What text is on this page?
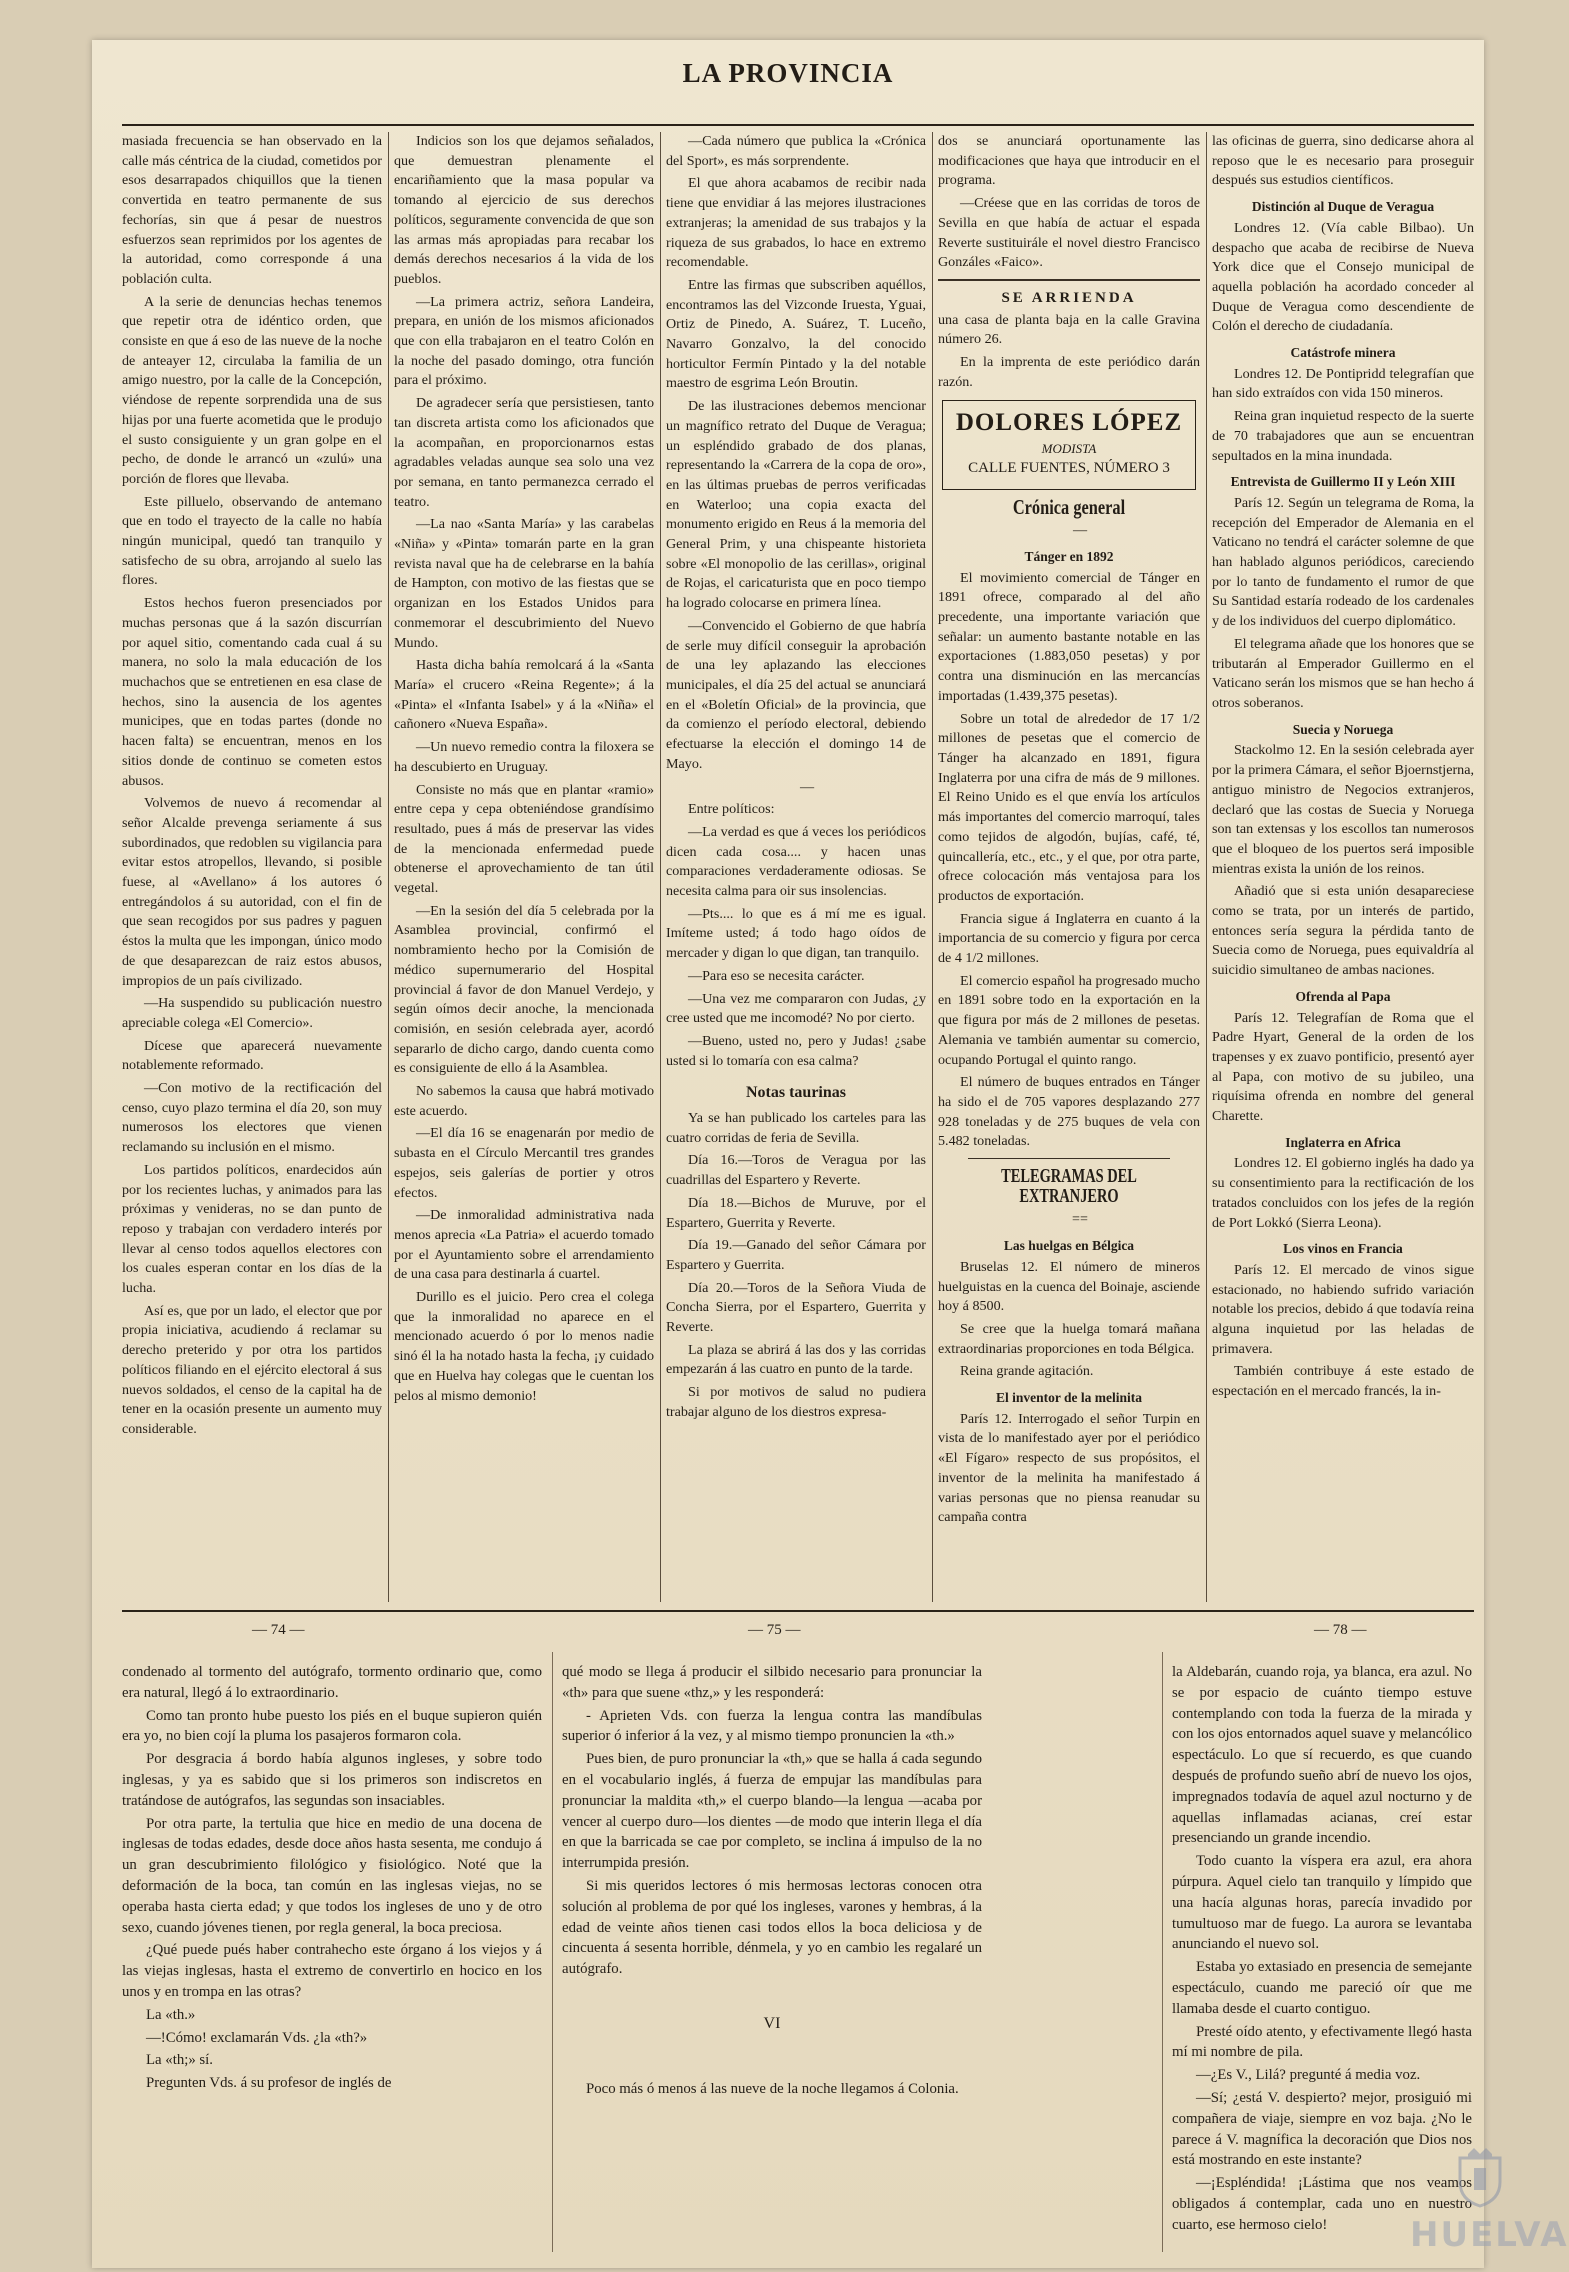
LA PROVINCIA

masiada frecuencia se han observado en la calle más céntrica de la ciudad, cometidos por esos desarrapados chiquillos que la tienen convertida en teatro permanente de sus fechorías, sin que á pesar de nuestros esfuerzos sean reprimidos por los agentes de la autoridad, como corresponde á una población culta.

A la serie de denuncias hechas tenemos que repetir otra de idéntico orden, que consiste en que á eso de las nueve de la noche de anteayer 12, circulaba la familia de un amigo nuestro, por la calle de la Concepción, viéndose de repente sorprendida una de sus hijas por una fuerte acometida que le produjo el susto consiguiente y un gran golpe en el pecho, de donde le arrancó un «zulú» una porción de flores que llevaba.

Este pilluelo, observando de antemano que en todo el trayecto de la calle no había ningún municipal, quedó tan tranquilo y satisfecho de su obra, arrojando al suelo las flores.

Estos hechos fueron presenciados por muchas personas que á la sazón discurrían por aquel sitio, comentando cada cual á su manera, no solo la mala educación de los muchachos que se entretienen en esa clase de hechos, sino la ausencia de los agentes municipes, que en todas partes (donde no hacen falta) se encuentran, menos en los sitios donde de continuo se cometen estos abusos.

Volvemos de nuevo á recomendar al señor Alcalde prevenga seriamente á sus subordinados, que redoblen su vigilancia para evitar estos atropellos, llevando, si posible fuese, al «Avellano» á los autores ó entregándolos á su autoridad, con el fin de que sean recogidos por sus padres y paguen éstos la multa que les impongan, único modo de que desaparezcan de raiz estos abusos, impropios de un país civilizado.

—Ha suspendido su publicación nuestro apreciable colega «El Comercio».

Dícese que aparecerá nuevamente notablemente reformado.

—Con motivo de la rectificación del censo, cuyo plazo termina el día 20, son muy numerosos los electores que vienen reclamando su inclusión en el mismo.

Los partidos políticos, enardecidos aún por los recientes luchas, y animados para las próximas y venideras, no se dan punto de reposo y trabajan con verdadero interés por llevar al censo todos aquellos electores con los cuales esperan contar en los días de la lucha.

Así es, que por un lado, el elector que por propia iniciativa, acudiendo á reclamar su derecho preterido y por otra los partidos políticos filiando en el ejército electoral á sus nuevos soldados, el censo de la capital ha de tener en la ocasión presente un aumento muy considerable.

Indicios son los que dejamos señalados, que demuestran plenamente el encariñamiento que la masa popular va tomando al ejercicio de sus derechos políticos, seguramente convencida de que son las armas más apropiadas para recabar los demás derechos necesarios á la vida de los pueblos.

—La primera actriz, señora Landeira, prepara, en unión de los mismos aficionados que con ella trabajaron en el teatro Colón en la noche del pasado domingo, otra función para el próximo.

De agradecer sería que persistiesen, tanto tan discreta artista como los aficionados que la acompañan, en proporcionarnos estas agradables veladas aunque sea solo una vez por semana, en tanto permanezca cerrado el teatro.

—La nao «Santa María» y las carabelas «Niña» y «Pinta» tomarán parte en la gran revista naval que ha de celebrarse en la bahía de Hampton, con motivo de las fiestas que se organizan en los Estados Unidos para conmemorar el descubrimiento del Nuevo Mundo.

Hasta dicha bahía remolcará á la «Santa María» el crucero «Reina Regente»; á la «Pinta» el «Infanta Isabel» y á la «Niña» el cañonero «Nueva España».

—Un nuevo remedio contra la filoxera se ha descubierto en Uruguay.

Consiste no más que en plantar «ramio» entre cepa y cepa obteniéndose grandísimo resultado, pues á más de preservar las vides de la mencionada enfermedad puede obtenerse el aprovechamiento de tan útil vegetal.

—En la sesión del día 5 celebrada por la Asamblea provincial, confirmó el nombramiento hecho por la Comisión de médico supernumerario del Hospital provincial á favor de don Manuel Verdejo, y según oímos decir anoche, la mencionada comisión, en sesión celebrada ayer, acordó separarlo de dicho cargo, dando cuenta como es consiguiente de ello á la Asamblea.

No sabemos la causa que habrá motivado este acuerdo.

—El día 16 se enagenarán por medio de subasta en el Círculo Mercantil tres grandes espejos, seis galerías de portier y otros efectos.

—De inmoralidad administrativa nada menos aprecia «La Patria» el acuerdo tomado por el Ayuntamiento sobre el arrendamiento de una casa para destinarla á cuartel.

Durillo es el juicio. Pero crea el colega que la inmoralidad no aparece en el mencionado acuerdo ó por lo menos nadie sinó él la ha notado hasta la fecha, ¡y cuidado que en Huelva hay colegas que le cuentan los pelos al mismo demonio!

—Cada número que publica la «Crónica del Sport», es más sorprendente.

El que ahora acabamos de recibir nada tiene que envidiar á las mejores ilustraciones extranjeras; la amenidad de sus trabajos y la riqueza de sus grabados, lo hace en extremo recomendable.

Entre las firmas que subscriben aquéllos, encontramos las del Vizconde Iruesta, Yguai, Ortiz de Pinedo, A. Suárez, T. Luceño, Navarro Gonzalvo, la del conocido horticultor Fermín Pintado y la del notable maestro de esgrima León Broutin.

De las ilustraciones debemos mencionar un magnífico retrato del Duque de Veragua; un espléndido grabado de dos planas, representando la «Carrera de la copa de oro», en las últimas pruebas de perros verificadas en Waterloo; una copia exacta del monumento erigido en Reus á la memoria del General Prim, y una chispeante historieta sobre «El monopolio de las cerillas», original de Rojas, el caricaturista que en poco tiempo ha logrado colocarse en primera línea.

—Convencido el Gobierno de que habría de serle muy difícil conseguir la aprobación de una ley aplazando las elecciones municipales, el día 25 del actual se anunciará en el «Boletín Oficial» de la provincia, que da comienzo el período electoral, debiendo efectuarse la elección el domingo 14 de Mayo.

—

Entre políticos:

—La verdad es que á veces los periódicos dicen cada cosa.... y hacen unas comparaciones verdaderamente odiosas. Se necesita calma para oir sus insolencias.

—Pts.... lo que es á mí me es igual. Imíteme usted; á todo hago oídos de mercader y digan lo que digan, tan tranquilo.

—Para eso se necesita carácter.

—Una vez me compararon con Judas, ¿y cree usted que me incomodé? No por cierto.

—Bueno, usted no, pero y Judas! ¿sabe usted si lo tomaría con esa calma?

Notas taurinas

Ya se han publicado los carteles para las cuatro corridas de feria de Sevilla.

Día 16.—Toros de Veragua por las cuadrillas del Espartero y Reverte.

Día 18.—Bichos de Muruve, por el Espartero, Guerrita y Reverte.

Día 19.—Ganado del señor Cámara por Espartero y Guerrita.

Día 20.—Toros de la Señora Viuda de Concha Sierra, por el Espartero, Guerrita y Reverte.

La plaza se abrirá á las dos y las corridas empezarán á las cuatro en punto de la tarde.

Si por motivos de salud no pudiera trabajar alguno de los diestros expresa-

dos se anunciará oportunamente las modificaciones que haya que introducir en el programa.

—Créese que en las corridas de toros de Sevilla en que había de actuar el espada Reverte sustituirále el novel diestro Francisco Gonzáles «Faico».

SE ARRIENDA

una casa de planta baja en la calle Gravina número 26.

En la imprenta de este periódico darán razón.

DOLORES LÓPEZ
MODISTA
CALLE FUENTES, NÚMERO 3
Crónica general

—

Tánger en 1892

El movimiento comercial de Tánger en 1891 ofrece, comparado al del año precedente, una importante variación que señalar: un aumento bastante notable en las exportaciones (1.883,050 pesetas) y por contra una disminución en las mercancías importadas (1.439,375 pesetas).

Sobre un total de alrededor de 17 1/2 millones de pesetas que el comercio de Tánger ha alcanzado en 1891, figura Inglaterra por una cifra de más de 9 millones. El Reino Unido es el que envía los artículos más importantes del comercio marroquí, tales como tejidos de algodón, bujías, café, té, quincallería, etc., etc., y el que, por otra parte, ofrece colocación más ventajosa para los productos de exportación.

Francia sigue á Inglaterra en cuanto á la importancia de su comercio y figura por cerca de 4 1/2 millones.

El comercio español ha progresado mucho en 1891 sobre todo en la exportación en la que figura por más de 2 millones de pesetas. Alemania ve también aumentar su comercio, ocupando Portugal el quinto rango.

El número de buques entrados en Tánger ha sido el de 705 vapores desplazando 277 928 toneladas y de 275 buques de vela con 5.482 toneladas.

TELEGRAMAS DEL EXTRANJERO

==

Las huelgas en Bélgica

Bruselas 12. El número de mineros huelguistas en la cuenca del Boinaje, asciende hoy á 8500.

Se cree que la huelga tomará mañana extraordinarias proporciones en toda Bélgica.

Reina grande agitación.

El inventor de la melinita

París 12. Interrogado el señor Turpin en vista de lo manifestado ayer por el periódico «El Fígaro» respecto de sus propósitos, el inventor de la melinita ha manifestado á varias personas que no piensa reanudar su campaña contra

las oficinas de guerra, sino dedicarse ahora al reposo que le es necesario para proseguir después sus estudios científicos.

Distinción al Duque de Veragua

Londres 12. (Vía cable Bilbao). Un despacho que acaba de recibirse de Nueva York dice que el Consejo municipal de aquella población ha acordado conceder al Duque de Veragua como descendiente de Colón el derecho de ciudadanía.

Catástrofe minera

Londres 12. De Pontipridd telegrafían que han sido extraídos con vida 150 mineros.

Reina gran inquietud respecto de la suerte de 70 trabajadores que aun se encuentran sepultados en la mina inundada.

Entrevista de Guillermo II y León XIII

París 12. Según un telegrama de Roma, la recepción del Emperador de Alemania en el Vaticano no tendrá el carácter solemne de que han hablado algunos periódicos, careciendo por lo tanto de fundamento el rumor de que Su Santidad estaría rodeado de los cardenales y de los individuos del cuerpo diplomático.

El telegrama añade que los honores que se tributarán al Emperador Guillermo en el Vaticano serán los mismos que se han hecho á otros soberanos.

Suecia y Noruega

Stackolmo 12. En la sesión celebrada ayer por la primera Cámara, el señor Bjoernstjerna, antiguo ministro de Negocios extranjeros, declaró que las costas de Suecia y Noruega son tan extensas y los escollos tan numerosos que el bloqueo de los puertos será imposible mientras exista la unión de los reinos.

Añadió que si esta unión desapareciese como se trata, por un interés de partido, entonces sería segura la pérdida tanto de Suecia como de Noruega, pues equivaldría al suicidio simultaneo de ambas naciones.

Ofrenda al Papa

París 12. Telegrafían de Roma que el Padre Hyart, General de la orden de los trapenses y ex zuavo pontificio, presentó ayer al Papa, con motivo de su jubileo, una riquísima ofrenda en nombre del general Charette.

Inglaterra en Africa

Londres 12. El gobierno inglés ha dado ya su consentimiento para la rectificación de los tratados concluidos con los jefes de la región de Port Lokkó (Sierra Leona).

Los vinos en Francia

París 12. El mercado de vinos sigue estacionado, no habiendo sufrido variación notable los precios, debido á que todavía reina alguna inquietud por las heladas de primavera.

También contribuye á este estado de espectación en el mercado francés, la in-

— 74 —	— 75 —	— 78 —

condenado al tormento del autógrafo, tormento ordinario que, como era natural, llegó á lo extraordinario.

Como tan pronto hube puesto los piés en el buque supieron quién era yo, no bien cojí la pluma los pasajeros formaron cola.

Por desgracia á bordo había algunos ingleses, y sobre todo inglesas, y ya es sabido que si los primeros son indiscretos en tratándose de autógrafos, las segundas son insaciables.

Por otra parte, la tertulia que hice en medio de una docena de inglesas de todas edades, desde doce años hasta sesenta, me condujo á un gran descubrimiento filológico y fisiológico. Noté que la deformación de la boca, tan común en las inglesas viejas, no se operaba hasta cierta edad; y que todos los ingleses de uno y de otro sexo, cuando jóvenes tienen, por regla general, la boca preciosa.

¿Qué puede pués haber contrahecho este órgano á los viejos y á las viejas inglesas, hasta el extremo de convertirlo en hocico en los unos y en trompa en las otras?

La «th.»

—!Cómo! exclamarán Vds. ¿la «th?»

La «th;» sí.

Pregunten Vds. á su profesor de inglés de

qué modo se llega á producir el silbido necesario para pronunciar la «th» para que suene «thz,» y les responderá:

- Aprieten Vds. con fuerza la lengua contra las mandíbulas superior ó inferior á la vez, y al mismo tiempo pronuncien la «th.»

Pues bien, de puro pronunciar la «th,» que se halla á cada segundo en el vocabulario inglés, á fuerza de empujar las mandíbulas para pronunciar la maldita «th,» el cuerpo blando—la lengua —acaba por vencer al cuerpo duro—los dientes —de modo que interin llega el día en que la barricada se cae por completo, se inclina á impulso de la no interrumpida presión.

Si mis queridos lectores ó mis hermosas lectoras conocen otra solución al problema de por qué los ingleses, varones y hembras, á la edad de veinte años tienen casi todos ellos la boca deliciosa y de cincuenta á sesenta horrible, dénmela, y yo en cambio les regalaré un autógrafo.

VI

Poco más ó menos á las nueve de la noche llegamos á Colonia.

la Aldebarán, cuando roja, ya blanca, era azul. No se por espacio de cuánto tiempo estuve contemplando con toda la fuerza de la mirada y con los ojos entornados aquel suave y melancólico espectáculo. Lo que sí recuerdo, es que cuando después de profundo sueño abrí de nuevo los ojos, impregnados todavía de aquel azul nocturno y de aquellas inflamadas acianas, creí estar presenciando un grande incendio.

Todo cuanto la víspera era azul, era ahora púrpura. Aquel cielo tan tranquilo y límpido que una hacía algunas horas, parecía invadido por tumultuoso mar de fuego. La aurora se levantaba anunciando el nuevo sol.

Estaba yo extasiado en presencia de semejante espectáculo, cuando me pareció oír que me llamaba desde el cuarto contiguo.

Presté oído atento, y efectivamente llegó hasta mí mi nombre de pila.

—¿Es V., Lilá? pregunté á media voz.

—Sí; ¿está V. despierto? mejor, prosiguió mi compañera de viaje, siempre en voz baja. ¿No le parece á V. magnífica la decoración que Dios nos está mostrando en este instante?

—¡Espléndida! ¡Lástima que nos veamos obligados á contemplar, cada uno en nuestro cuarto, ese hermoso cielo!	HUELVA
